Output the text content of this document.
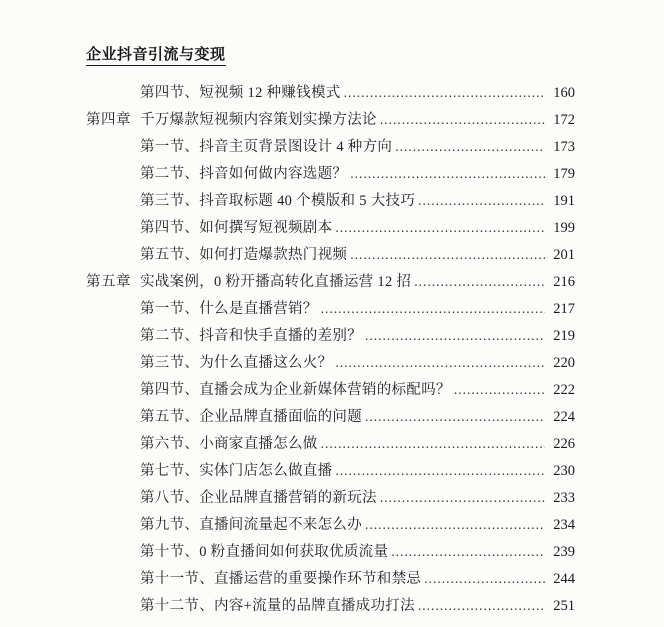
企业抖音引流与变现
第四节、短视频 12 种赚钱模式 .....	160
第四章 千万爆款短视频内容策划实操方法论 .....	172
第一节、抖音主页背景图设计 4 种方向 .....	173
第二节、抖音如何做内容选题？ .....	179
第三节、抖音取标题 40 个模版和 5 大技巧 .....	191
第四节、如何撰写短视频剧本 .....	199
第五节、如何打造爆款热门视频 .....	201
第五章 实战案例，0 粉开播高转化直播运营 12 招 .....	216
第一节、什么是直播营销？ .....	217
第二节、抖音和快手直播的差别？ .....	219
第三节、为什么直播这么火？ .....	220
第四节、直播会成为企业新媒体营销的标配吗？ .....	222
第五节、企业品牌直播面临的问题 .....	224
第六节、小商家直播怎么做 .....	226
第七节、实体门店怎么做直播 .....	230
第八节、企业品牌直播营销的新玩法 .....	233
第九节、直播间流量起不来怎么办 .....	234
第十节、0 粉直播间如何获取优质流量 .....	239
第十一节、直播运营的重要操作环节和禁忌 .....	244
第十二节、内容+流量的品牌直播成功打法 .....	251
